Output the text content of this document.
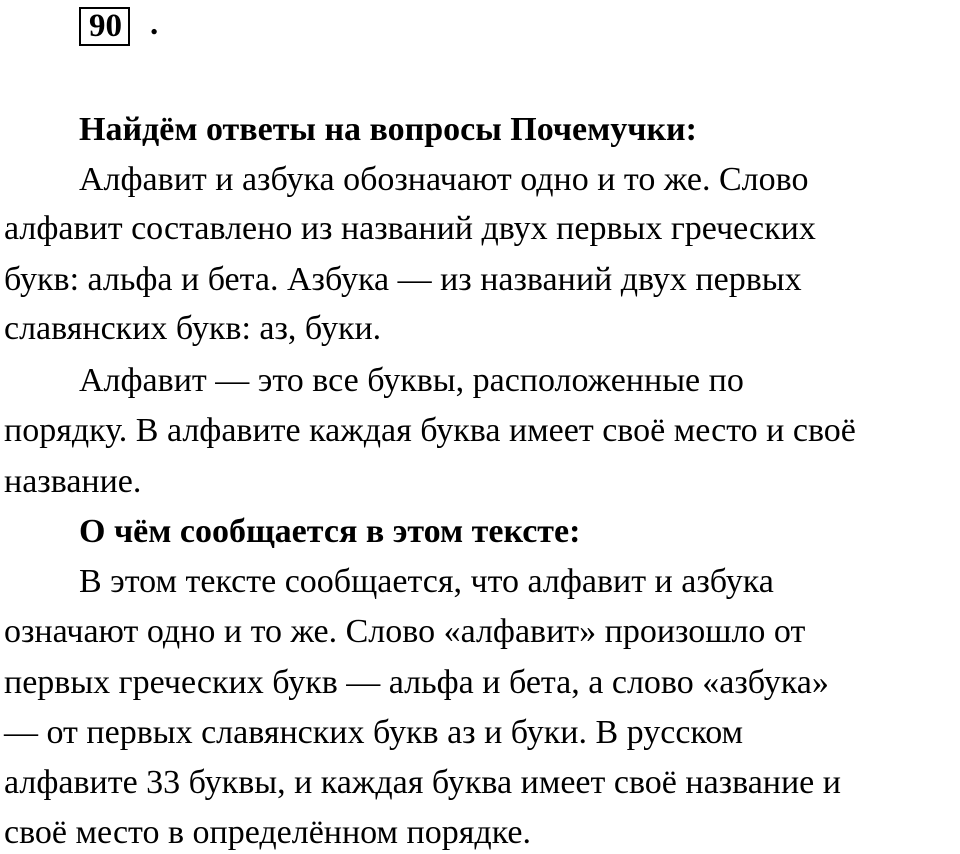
90 .
Найдём ответы на вопросы Почемучки:
Алфавит и азбука обозначают одно и то же. Слово
алфавит составлено из названий двух первых греческих
букв: альфа и бета. Азбука — из названий двух первых
славянских букв: аз, буки.
Алфавит — это все буквы, расположенные по
порядку. В алфавите каждая буква имеет своё место и своё
название.
О чём сообщается в этом тексте:
В этом тексте сообщается, что алфавит и азбука
означают одно и то же. Слово «алфавит» произошло от
первых греческих букв — альфа и бета, а слово «азбука»
— от первых славянских букв аз и буки. В русском
алфавите 33 буквы, и каждая буква имеет своё название и
своё место в определённом порядке.
